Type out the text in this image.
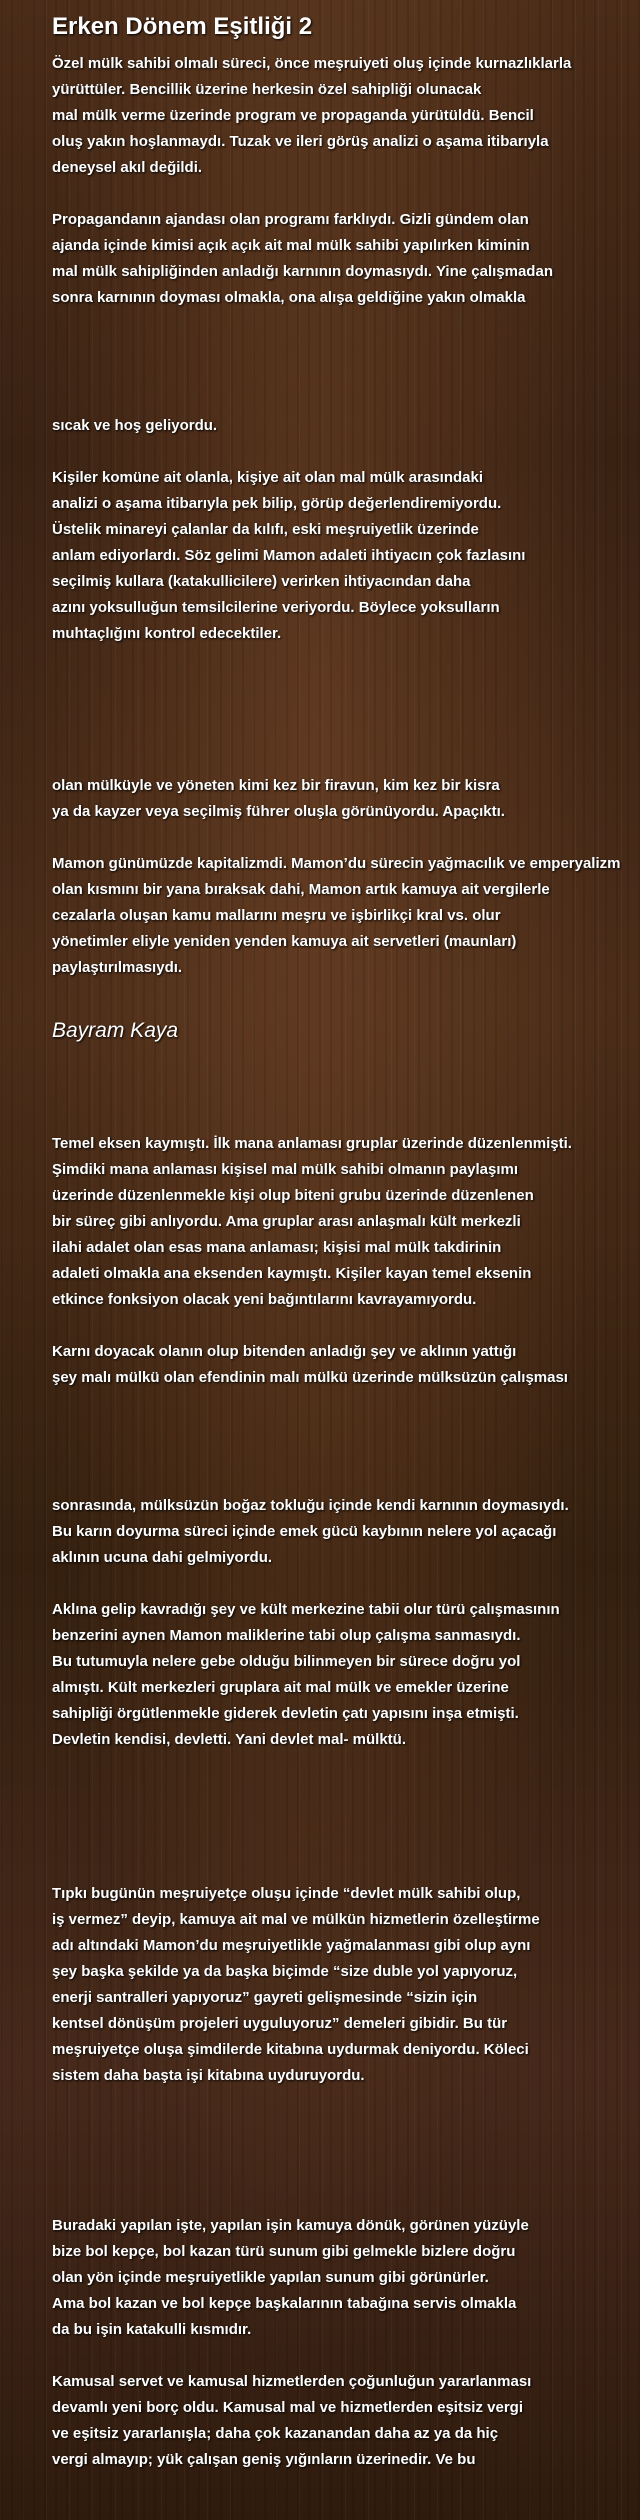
Erken Dönem Eşitliği 2
Özel mülk sahibi olmalı süreci, önce meşruiyeti oluş içinde kurnazlıklarla
yürüttüler. Bencillik üzerine herkesin özel sahipliği olunacak
mal mülk verme üzerinde program ve propaganda yürütüldü. Bencil
oluş yakın hoşlanmaydı. Tuzak ve ileri görüş analizi o aşama itibarıyla
deneysel akıl değildi.
Propagandanın ajandası olan programı farklıydı. Gizli gündem olan
ajanda içinde kimisi açık açık ait mal mülk sahibi yapılırken kiminin
mal mülk sahipliğinden anladığı karnının doymasıydı. Yine çalışmadan
sonra karnının doyması olmakla, ona alışa geldiğine yakın olmakla
sıcak ve hoş geliyordu.
Kişiler komüne ait olanla, kişiye ait olan mal mülk arasındaki
analizi o aşama itibarıyla pek bilip, görüp değerlendiremiyordu.
Üstelik minareyi çalanlar da kılıfı, eski meşruiyetlik üzerinde
anlam ediyorlardı. Söz gelimi Mamon adaleti ihtiyacın çok fazlasını
seçilmiş kullara (katakullicilere) verirken ihtiyacından daha
azını yoksulluğun temsilcilerine veriyordu. Böylece yoksulların
muhtaçlığını kontrol edecektiler.
olan mülküyle ve yöneten kimi kez bir firavun, kim kez bir kisra
ya da kayzer veya seçilmiş führer oluşla görünüyordu. Apaçıktı.
Mamon günümüzde kapitalizmdi. Mamon’du sürecin yağmacılık ve emperyalizm
olan kısmını bir yana bıraksak dahi, Mamon artık kamuya ait vergilerle
cezalarla oluşan kamu mallarını meşru ve işbirlikçi kral vs. olur
yönetimler eliyle yeniden yenden kamuya ait servetleri (maunları)
paylaştırılmasıydı.
Bayram Kaya
Temel eksen kaymıştı. İlk mana anlaması gruplar üzerinde düzenlenmişti.
Şimdiki mana anlaması kişisel mal mülk sahibi olmanın paylaşımı
üzerinde düzenlenmekle kişi olup biteni grubu üzerinde düzenlenen
bir süreç gibi anlıyordu. Ama gruplar arası anlaşmalı kült merkezli
ilahi adalet olan esas mana anlaması; kişisi mal mülk takdirinin
adaleti olmakla ana eksenden kaymıştı. Kişiler kayan temel eksenin
etkince fonksiyon olacak yeni bağıntılarını kavrayamıyordu.
Karnı doyacak olanın olup bitenden anladığı şey ve aklının yattığı
şey malı mülkü olan efendinin malı mülkü üzerinde mülksüzün çalışması
sonrasında, mülksüzün boğaz tokluğu içinde kendi karnının doymasıydı.
Bu karın doyurma süreci içinde emek gücü kaybının nelere yol açacağı
aklının ucuna dahi gelmiyordu.
Aklına gelip kavradığı şey ve kült merkezine tabii olur türü çalışmasının
benzerini aynen Mamon maliklerine tabi olup çalışma sanmasıydı.
Bu tutumuyla nelere gebe olduğu bilinmeyen bir sürece doğru yol
almıştı. Kült merkezleri gruplara ait mal mülk ve emekler üzerine
sahipliği örgütlenmekle giderek devletin çatı yapısını inşa etmişti.
Devletin kendisi, devletti. Yani devlet mal- mülktü.
Tıpkı bugünün meşruiyetçe oluşu içinde “devlet mülk sahibi olup,
iş vermez” deyip, kamuya ait mal ve mülkün hizmetlerin özelleştirme
adı altındaki Mamon’du meşruiyetlikle yağmalanması gibi olup aynı
şey başka şekilde ya da başka biçimde “size duble yol yapıyoruz,
enerji santralleri yapıyoruz” gayreti gelişmesinde “sizin için
kentsel dönüşüm projeleri uyguluyoruz” demeleri gibidir. Bu tür
meşruiyetçe oluşa şimdilerde kitabına uydurmak deniyordu. Köleci
sistem daha başta işi kitabına uyduruyordu.
Buradaki yapılan işte, yapılan işin kamuya dönük, görünen yüzüyle
bize bol kepçe, bol kazan türü sunum gibi gelmekle bizlere doğru
olan yön içinde meşruiyetlikle yapılan sunum gibi görünürler.
Ama bol kazan ve bol kepçe başkalarının tabağına servis olmakla
da bu işin katakulli kısmıdır.
Kamusal servet ve kamusal hizmetlerden çoğunluğun yararlanması
devamlı yeni borç oldu. Kamusal mal ve hizmetlerden eşitsiz vergi
ve eşitsiz yararlanışla; daha çok kazanandan daha az ya da hiç
vergi almayıp; yük çalışan geniş yığınların üzerinedir. Ve bu
